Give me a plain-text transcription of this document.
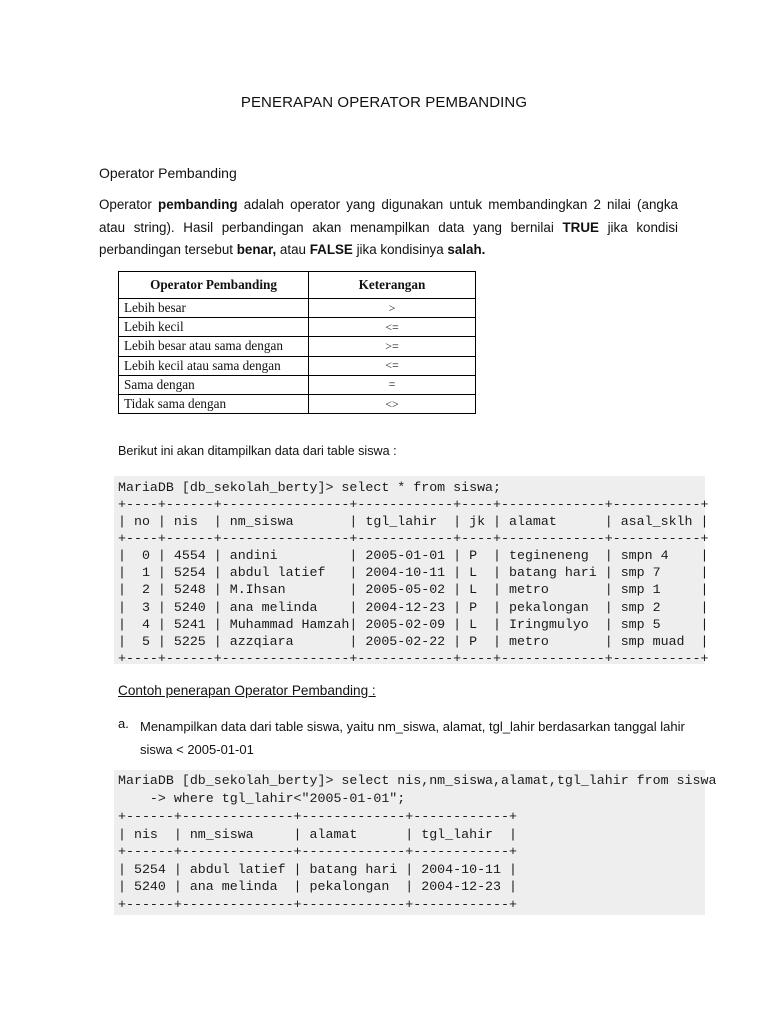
PENERAPAN OPERATOR PEMBANDING
Operator Pembanding
Operator pembanding adalah operator yang digunakan untuk membandingkan 2 nilai (angka atau string). Hasil perbandingan akan menampilkan data yang bernilai TRUE jika kondisi perbandingan tersebut benar, atau FALSE jika kondisinya salah.
Operator Pembanding	Keterangan
Lebih besar	>
Lebih kecil	<=
Lebih besar atau sama dengan	>=
Lebih kecil atau sama dengan	<=
Sama dengan	=
Tidak sama dengan	<>
Berikut ini akan ditampilkan data dari table siswa :
MariaDB [db_sekolah_berty]> select * from siswa;
+----+------+----------------+------------+----+-------------+-----------+
| no | nis  | nm_siswa       | tgl_lahir  | jk | alamat      | asal_sklh |
+----+------+----------------+------------+----+-------------+-----------+
|  0 | 4554 | andini         | 2005-01-01 | P  | tegineneng  | smpn 4    |
|  1 | 5254 | abdul latief   | 2004-10-11 | L  | batang hari | smp 7     |
|  2 | 5248 | M.Ihsan        | 2005-05-02 | L  | metro       | smp 1     |
|  3 | 5240 | ana melinda    | 2004-12-23 | P  | pekalongan  | smp 2     |
|  4 | 5241 | Muhammad Hamzah| 2005-02-09 | L  | Iringmulyo  | smp 5     |
|  5 | 5225 | azzqiara       | 2005-02-22 | P  | metro       | smp muad  |
+----+------+----------------+------------+----+-------------+-----------+
Contoh penerapan Operator Pembanding :
a. Menampilkan data dari table siswa, yaitu nm_siswa, alamat, tgl_lahir berdasarkan tanggal lahir siswa < 2005-01-01
MariaDB [db_sekolah_berty]> select nis,nm_siswa,alamat,tgl_lahir from siswa
-> where tgl_lahir<"2005-01-01";
+------+--------------+-------------+------------+
| nis  | nm_siswa     | alamat      | tgl_lahir  |
+------+--------------+-------------+------------+
| 5254 | abdul latief | batang hari | 2004-10-11 |
| 5240 | ana melinda  | pekalongan  | 2004-12-23 |
+------+--------------+-------------+------------+
